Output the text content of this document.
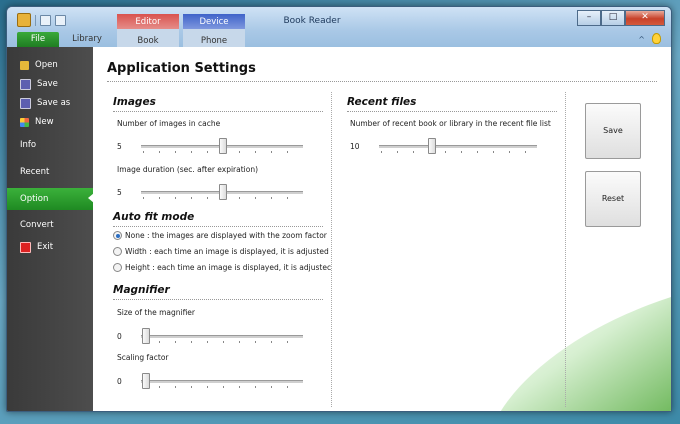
Book Reader
Editor
Book
Device
Phone
File	Library
–	□	✕
^
Open
Save
Save as
New
Info
Recent
Option
Convert
Exit
Application Settings
Images
Number of images in cache
5
Image duration (sec. after expiration)
5
Auto fit mode
None : the images are displayed with the zoom factor
Width : each time an image is displayed, it is adjusted
Height : each time an image is displayed, it is adjustec
Magnifier
Size of the magnifier
0
Scaling factor
0
Recent files
Number of recent book or library in the recent file list
10
Save
Reset
